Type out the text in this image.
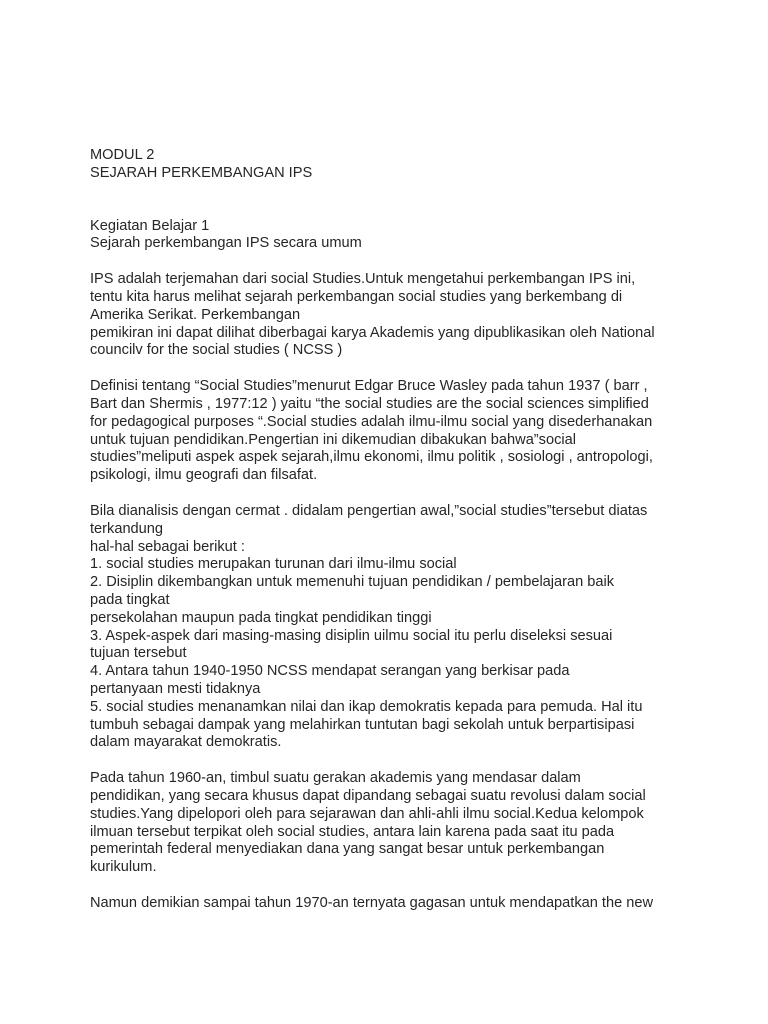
MODUL 2
SEJARAH PERKEMBANGAN IPS
Kegiatan Belajar 1
Sejarah perkembangan IPS secara umum
IPS adalah terjemahan dari social Studies.Untuk mengetahui perkembangan IPS ini,
tentu kita harus melihat sejarah perkembangan social studies yang berkembang di
Amerika Serikat. Perkembangan
pemikiran ini dapat dilihat diberbagai karya Akademis yang dipublikasikan oleh National
councilv for the social studies ( NCSS )
Definisi tentang “Social Studies”menurut Edgar Bruce Wasley pada tahun 1937 ( barr ,
Bart dan Shermis , 1977:12 ) yaitu “the social studies are the social sciences simplified
for pedagogical purposes “.Social studies adalah ilmu-ilmu social yang disederhanakan
untuk tujuan pendidikan.Pengertian ini dikemudian dibakukan bahwa”social
studies”meliputi aspek aspek sejarah,ilmu ekonomi, ilmu politik , sosiologi , antropologi,
psikologi, ilmu geografi dan filsafat.
Bila dianalisis dengan cermat . didalam pengertian awal,”social studies”tersebut diatas
terkandung
hal-hal sebagai berikut :
1. social studies merupakan turunan dari ilmu-ilmu social
2. Disiplin dikembangkan untuk memenuhi tujuan pendidikan / pembelajaran baik
pada tingkat
persekolahan maupun pada tingkat pendidikan tinggi
3. Aspek-aspek dari masing-masing disiplin uilmu social itu perlu diseleksi sesuai
tujuan tersebut
4. Antara tahun 1940-1950 NCSS mendapat serangan yang berkisar pada
pertanyaan mesti tidaknya
5. social studies menanamkan nilai dan ikap demokratis kepada para pemuda. Hal itu
tumbuh sebagai dampak yang melahirkan tuntutan bagi sekolah untuk berpartisipasi
dalam mayarakat demokratis.
Pada tahun 1960-an, timbul suatu gerakan akademis yang mendasar dalam
pendidikan, yang secara khusus dapat dipandang sebagai suatu revolusi dalam social
studies.Yang dipelopori oleh para sejarawan dan ahli-ahli ilmu social.Kedua kelompok
ilmuan tersebut terpikat oleh social studies, antara lain karena pada saat itu pada
pemerintah federal menyediakan dana yang sangat besar untuk perkembangan
kurikulum.
Namun demikian sampai tahun 1970-an ternyata gagasan untuk mendapatkan the new
